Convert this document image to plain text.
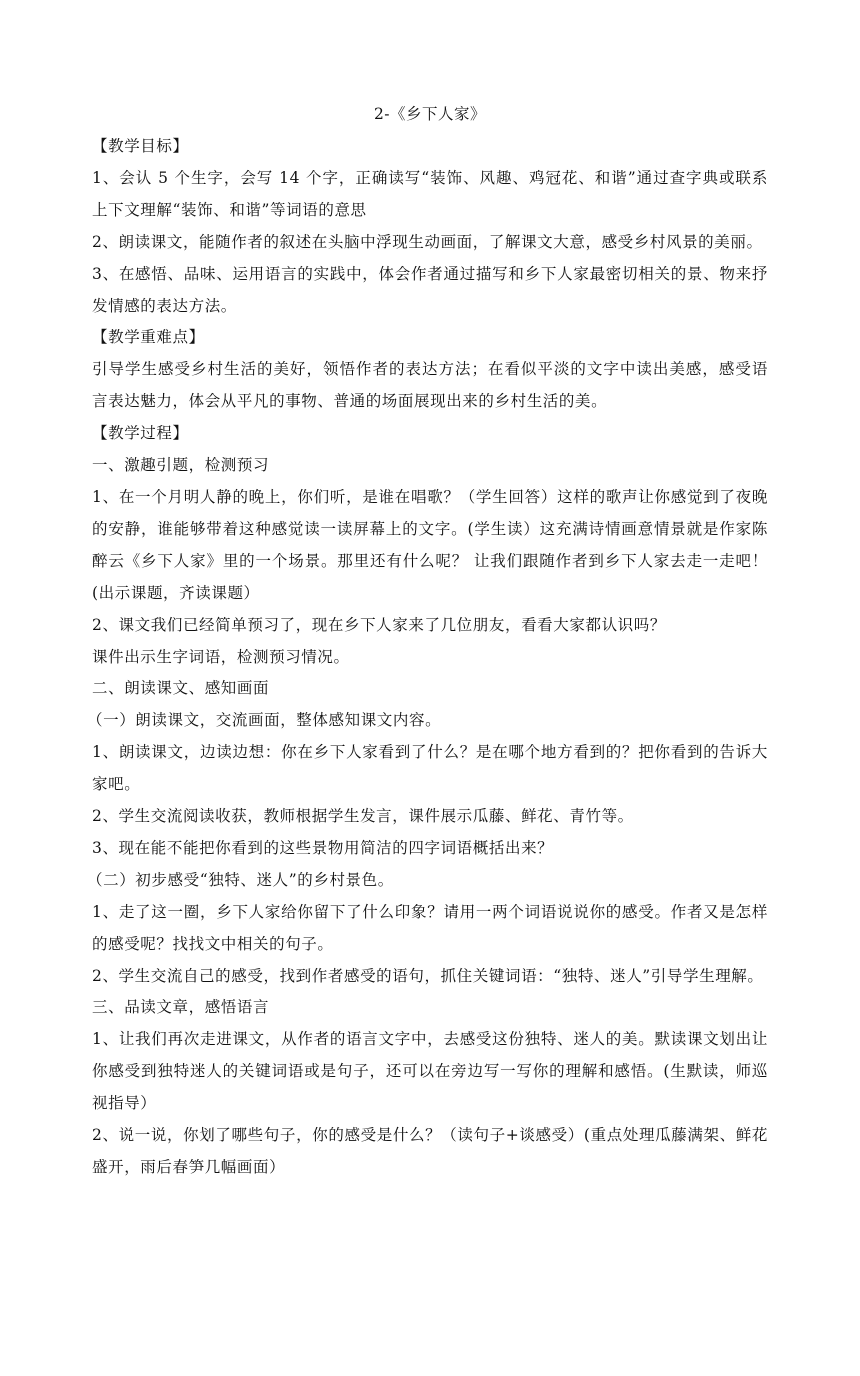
2-《乡下人家》

【教学目标】

1、会认 5 个生字，会写 14 个字，正确读写“装饰、风趣、鸡冠花、和谐”通过查字典或联系上下文理解“装饰、和谐”等词语的意思

2、朗读课文，能随作者的叙述在头脑中浮现生动画面，了解课文大意，感受乡村风景的美丽。

3、在感悟、品味、运用语言的实践中，体会作者通过描写和乡下人家最密切相关的景、物来抒发情感的表达方法。

【教学重难点】

引导学生感受乡村生活的美好，领悟作者的表达方法；在看似平淡的文字中读出美感，感受语言表达魅力，体会从平凡的事物、普通的场面展现出来的乡村生活的美。

【教学过程】

一、激趣引题，检测预习

1、在一个月明人静的晚上，你们听，是谁在唱歌？（学生回答）这样的歌声让你感觉到了夜晚的安静，谁能够带着这种感觉读一读屏幕上的文字。(学生读）这充满诗情画意情景就是作家陈醉云《乡下人家》里的一个场景。那里还有什么呢？ 让我们跟随作者到乡下人家去走一走吧！(出示课题，齐读课题）

2、课文我们已经简单预习了，现在乡下人家来了几位朋友，看看大家都认识吗？

课件出示生字词语，检测预习情况。

二、朗读课文、感知画面

（一）朗读课文，交流画面，整体感知课文内容。

1、朗读课文，边读边想：你在乡下人家看到了什么？是在哪个地方看到的？把你看到的告诉大家吧。

2、学生交流阅读收获，教师根据学生发言，课件展示瓜藤、鲜花、青竹等。

3、现在能不能把你看到的这些景物用简洁的四字词语概括出来？

（二）初步感受“独特、迷人”的乡村景色。

1、走了这一圈，乡下人家给你留下了什么印象？请用一两个词语说说你的感受。作者又是怎样的感受呢？找找文中相关的句子。

2、学生交流自己的感受，找到作者感受的语句，抓住关键词语：“独特、迷人”引导学生理解。

三、品读文章，感悟语言

1、让我们再次走进课文，从作者的语言文字中，去感受这份独特、迷人的美。默读课文划出让你感受到独特迷人的关键词语或是句子，还可以在旁边写一写你的理解和感悟。(生默读，师巡视指导）

2、说一说，你划了哪些句子，你的感受是什么？（读句子+谈感受）(重点处理瓜藤满架、鲜花盛开，雨后春笋几幅画面）
